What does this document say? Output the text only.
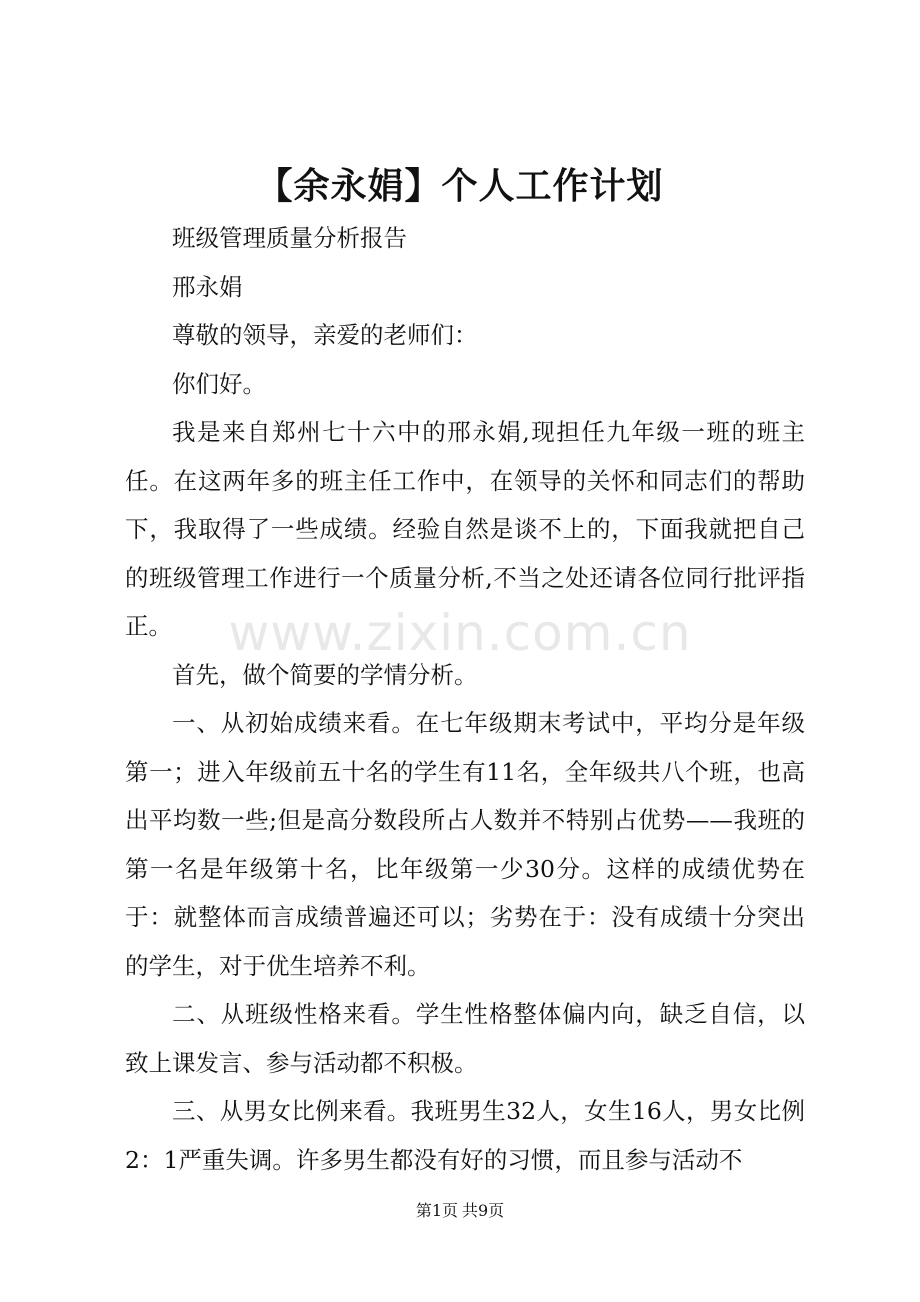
【余永娟】个人工作计划

班级管理质量分析报告

邢永娟

尊敬的领导，亲爱的老师们：

你们好。

我是来自郑州七十六中的邢永娟,现担任九年级一班的班主任。在这两年多的班主任工作中，在领导的关怀和同志们的帮助下，我取得了一些成绩。经验自然是谈不上的，下面我就把自己的班级管理工作进行一个质量分析,不当之处还请各位同行批评指正。

首先，做个简要的学情分析。

一、从初始成绩来看。在七年级期末考试中，平均分是年级第一；进入年级前五十名的学生有11名，全年级共八个班，也高出平均数一些;但是高分数段所占人数并不特别占优势——我班的第一名是年级第十名，比年级第一少30分。这样的成绩优势在于：就整体而言成绩普遍还可以；劣势在于：没有成绩十分突出的学生，对于优生培养不利。

二、从班级性格来看。学生性格整体偏内向，缺乏自信，以致上课发言、参与活动都不积极。

三、从男女比例来看。我班男生32人，女生16人，男女比例2：1严重失调。许多男生都没有好的习惯，而且参与活动不

www.zixin.com.cn
第1页 共9页
